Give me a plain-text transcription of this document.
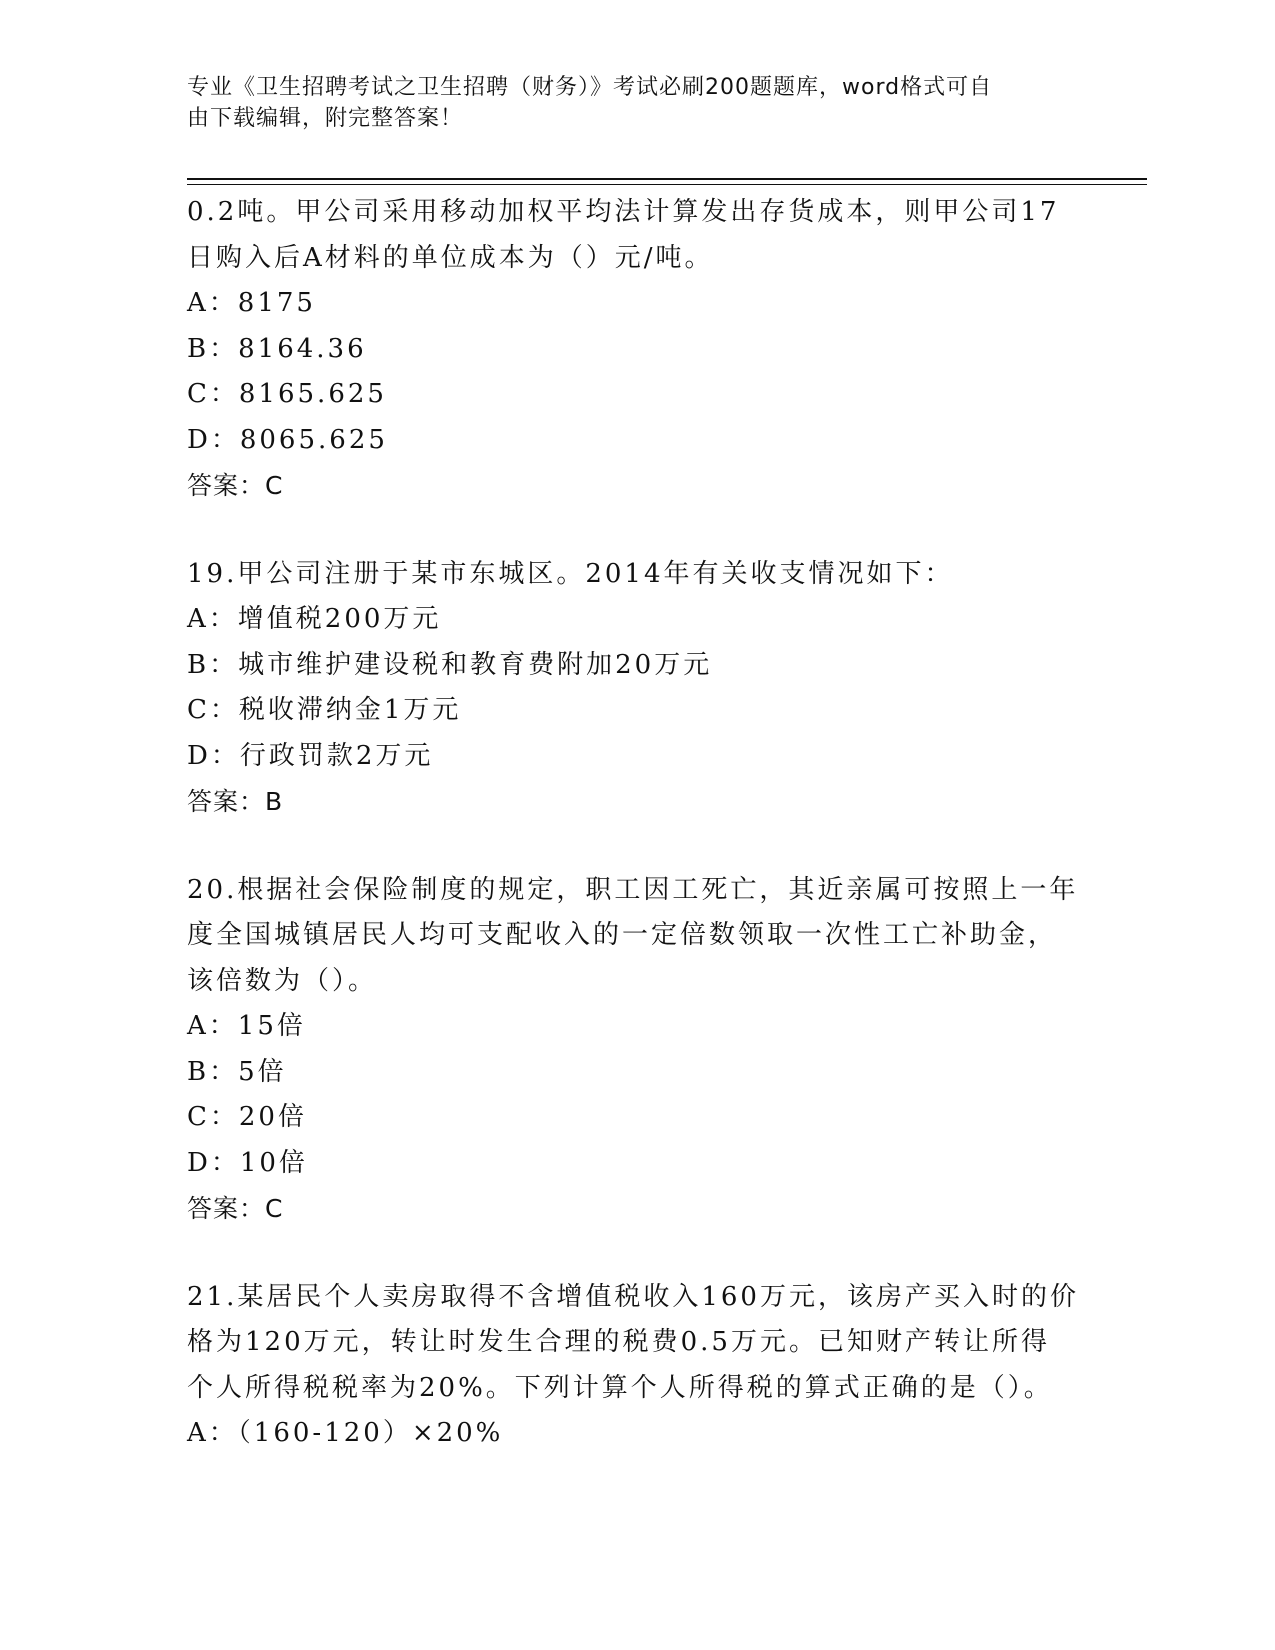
专业《卫生招聘考试之卫生招聘（财务）》考试必刷200题题库，word格式可自
由下载编辑，附完整答案！
0.2吨。甲公司采用移动加权平均法计算发出存货成本，则甲公司17
日购入后A材料的单位成本为（）元/吨。
A：8175
B：8164.36
C：8165.625
D：8065.625
答案：C
19.甲公司注册于某市东城区。2014年有关收支情况如下：
A：增值税200万元
B：城市维护建设税和教育费附加20万元
C：税收滞纳金1万元
D：行政罚款2万元
答案：B
20.根据社会保险制度的规定，职工因工死亡，其近亲属可按照上一年
度全国城镇居民人均可支配收入的一定倍数领取一次性工亡补助金，
该倍数为（）。
A：15倍
B：5倍
C：20倍
D：10倍
答案：C
21.某居民个人卖房取得不含增值税收入160万元，该房产买入时的价
格为120万元，转让时发生合理的税费0.5万元。已知财产转让所得
个人所得税税率为20%。下列计算个人所得税的算式正确的是（）。
A：（160-120）×20%
